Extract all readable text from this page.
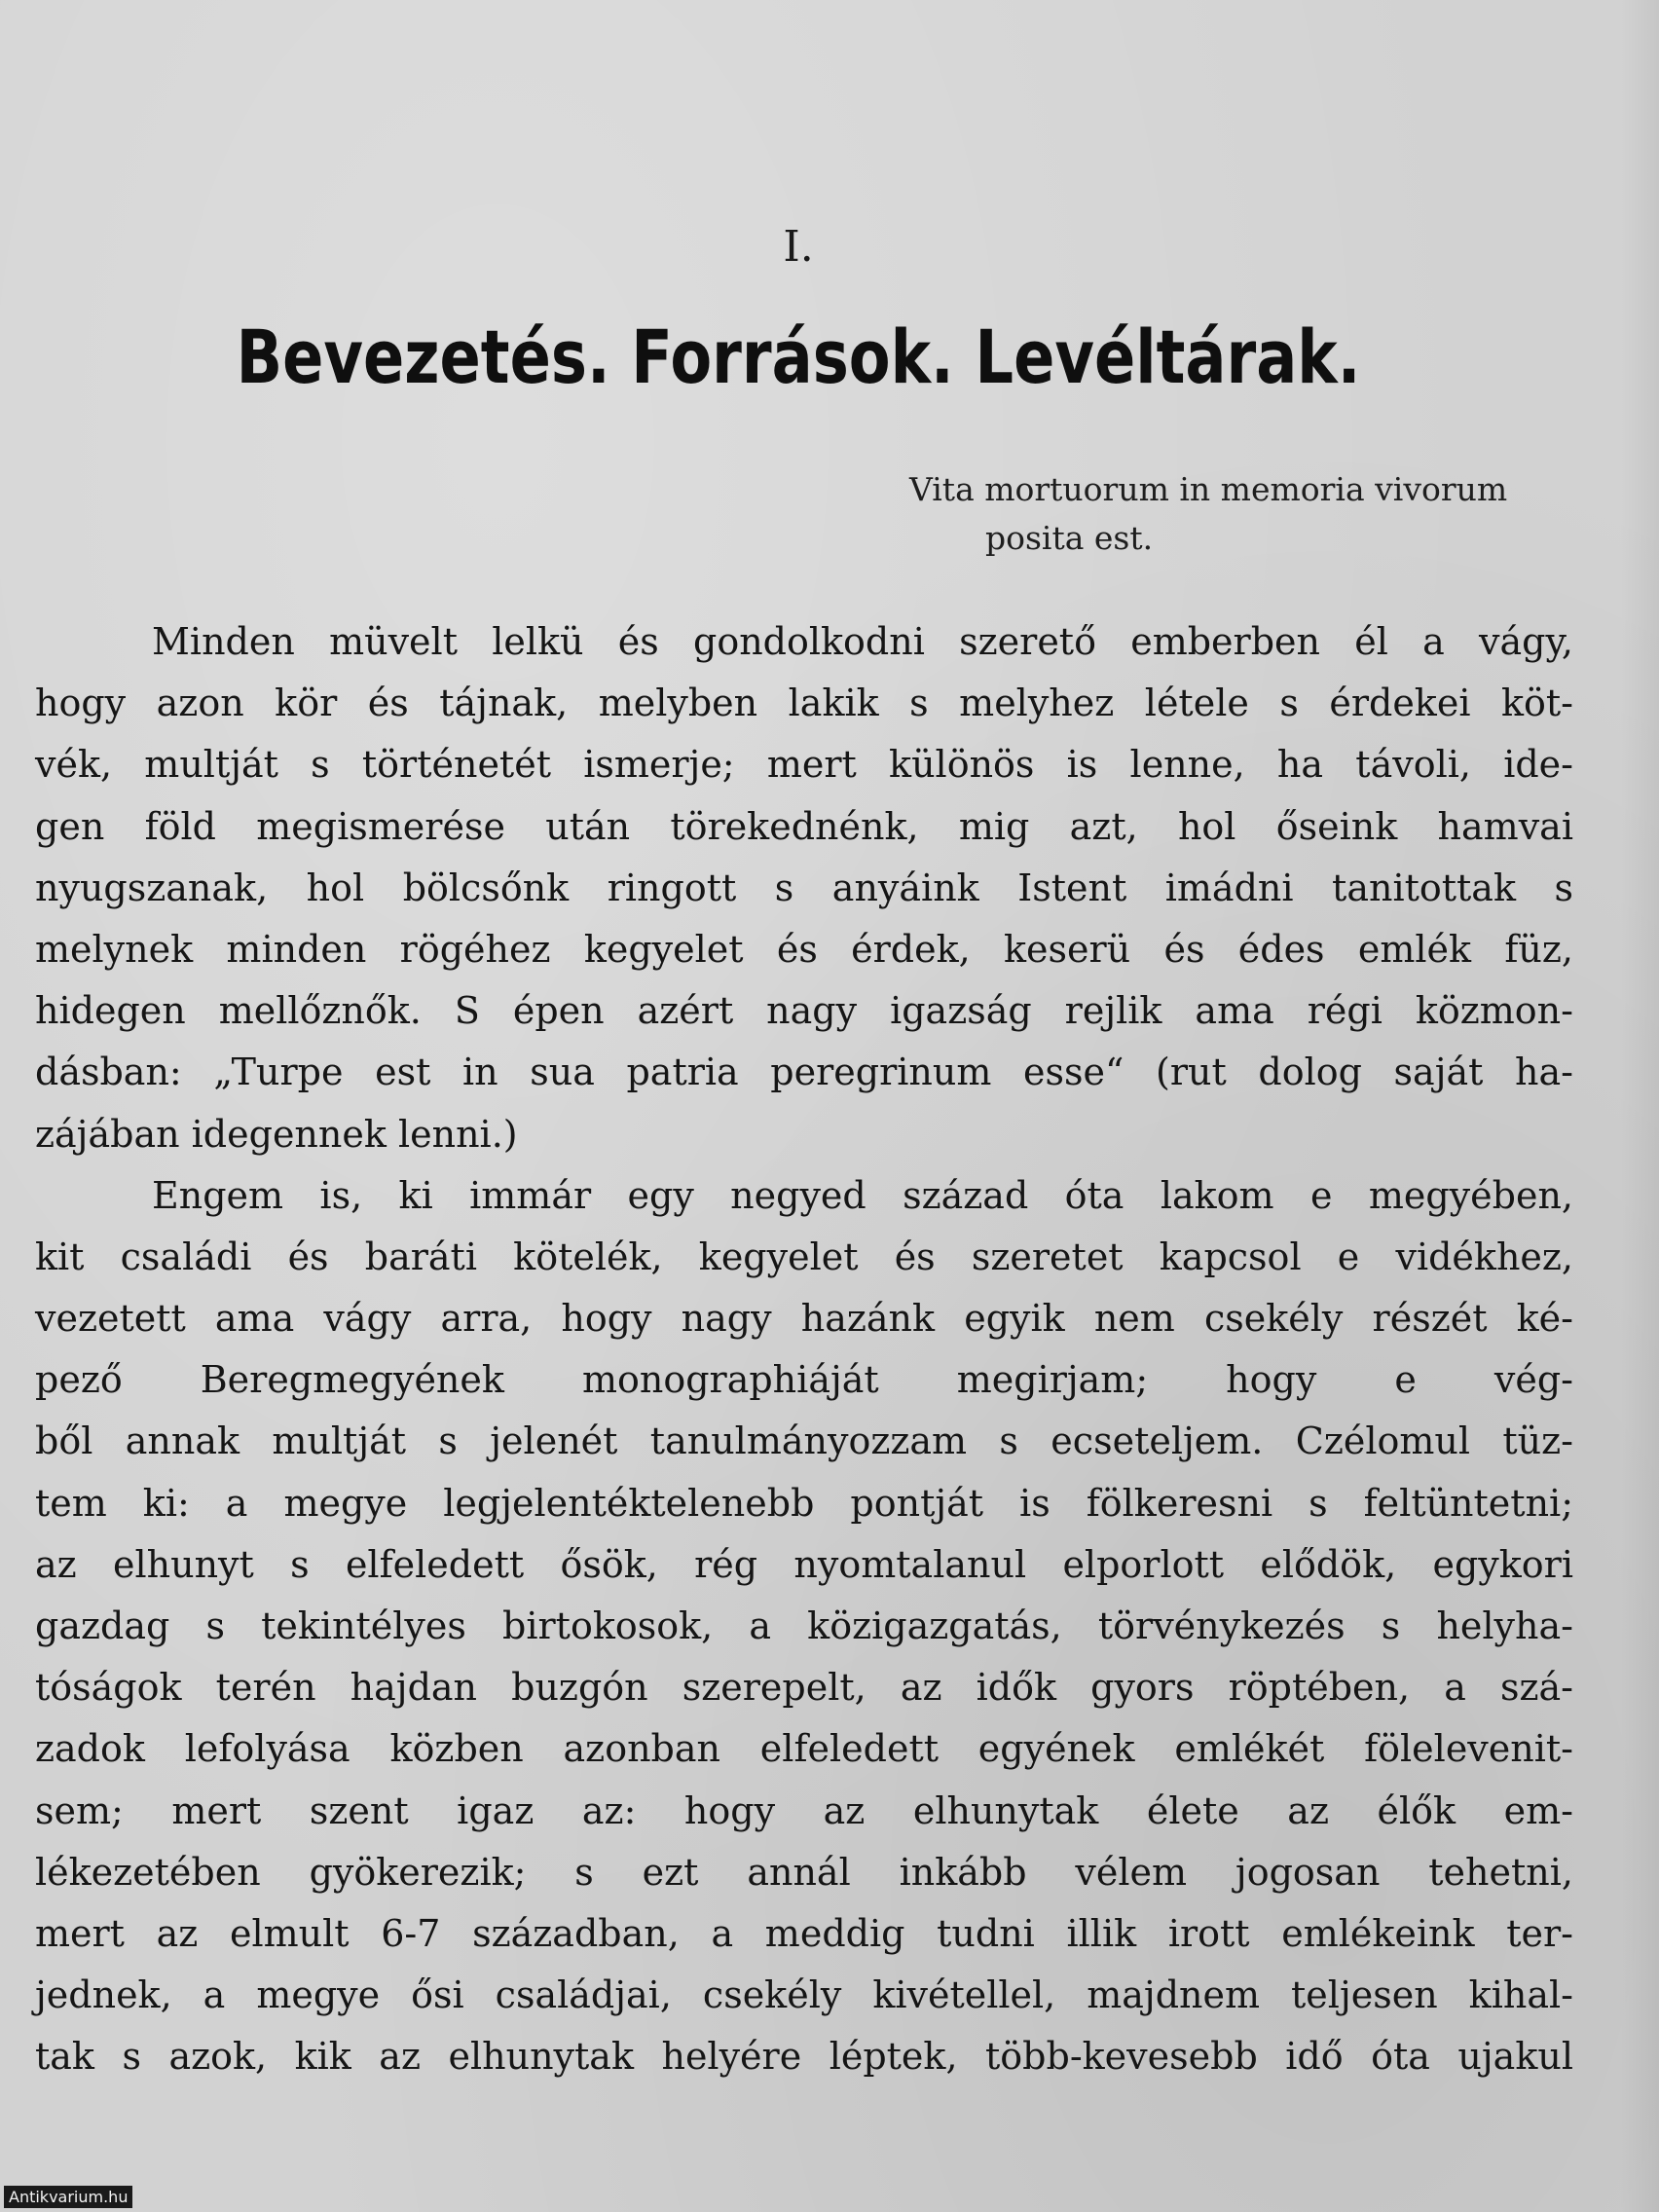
I.
Bevezetés. Források. Levéltárak.
Vita mortuorum in memoria vivorum
posita est.
Minden müvelt lelkü és gondolkodni szerető emberben él a vágy,
hogy azon kör és tájnak, melyben lakik s melyhez létele s érdekei köt-
vék, multját s történetét ismerje; mert különös is lenne, ha távoli, ide-
gen föld megismerése után törekednénk, mig azt, hol őseink hamvai
nyugszanak, hol bölcsőnk ringott s anyáink Istent imádni tanitottak s
melynek minden rögéhez kegyelet és érdek, keserü és édes emlék füz,
hidegen mellőznők. S épen azért nagy igazság rejlik ama régi közmon-
dásban: „Turpe est in sua patria peregrinum esse“ (rut dolog saját ha-
zájában idegennek lenni.)
Engem is, ki immár egy negyed század óta lakom e megyében,
kit családi és baráti kötelék, kegyelet és szeretet kapcsol e vidékhez,
vezetett ama vágy arra, hogy nagy hazánk egyik nem csekély részét ké-
pező Beregmegyének monographiáját megirjam; hogy e vég-
ből annak multját s jelenét tanulmányozzam s ecseteljem. Czélomul tüz-
tem ki: a megye legjelentéktelenebb pontját is fölkeresni s feltüntetni;
az elhunyt s elfeledett ősök, rég nyomtalanul elporlott elődök, egykori
gazdag s tekintélyes birtokosok, a közigazgatás, törvénykezés s helyha-
tóságok terén hajdan buzgón szerepelt, az idők gyors röptében, a szá-
zadok lefolyása közben azonban elfeledett egyének emlékét fölelevenit-
sem; mert szent igaz az: hogy az elhunytak élete az élők em-
lékezetében gyökerezik; s ezt annál inkább vélem jogosan tehetni,
mert az elmult 6-7 században, a meddig tudni illik irott emlékeink ter-
jednek, a megye ősi családjai, csekély kivétellel, majdnem teljesen kihal-
tak s azok, kik az elhunytak helyére léptek, több-kevesebb idő óta ujakul
Antikvarium.hu
